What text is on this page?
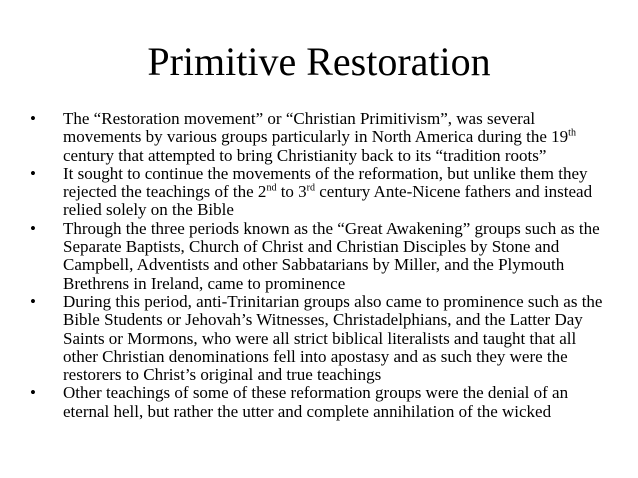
Primitive Restoration
• The “Restoration movement” or “Christian Primitivism”, was several movements by various groups particularly in North America during the 19th century that attempted to bring Christianity back to its “tradition roots”
• It sought to continue the movements of the reformation, but unlike them they rejected the teachings of the 2nd to 3rd century Ante-Nicene fathers and instead relied solely on the Bible
• Through the three periods known as the “Great Awakening” groups such as the Separate Baptists, Church of Christ and Christian Disciples by Stone and Campbell, Adventists and other Sabbatarians by Miller, and the Plymouth Brethrens in Ireland, came to prominence
• During this period, anti-Trinitarian groups also came to prominence such as the Bible Students or Jehovah’s Witnesses, Christadelphians, and the Latter Day Saints or Mormons, who were all strict biblical literalists and taught that all other Christian denominations fell into apostasy and as such they were the restorers to Christ’s original and true teachings
• Other teachings of some of these reformation groups were the denial of an eternal hell, but rather the utter and complete annihilation of the wicked
